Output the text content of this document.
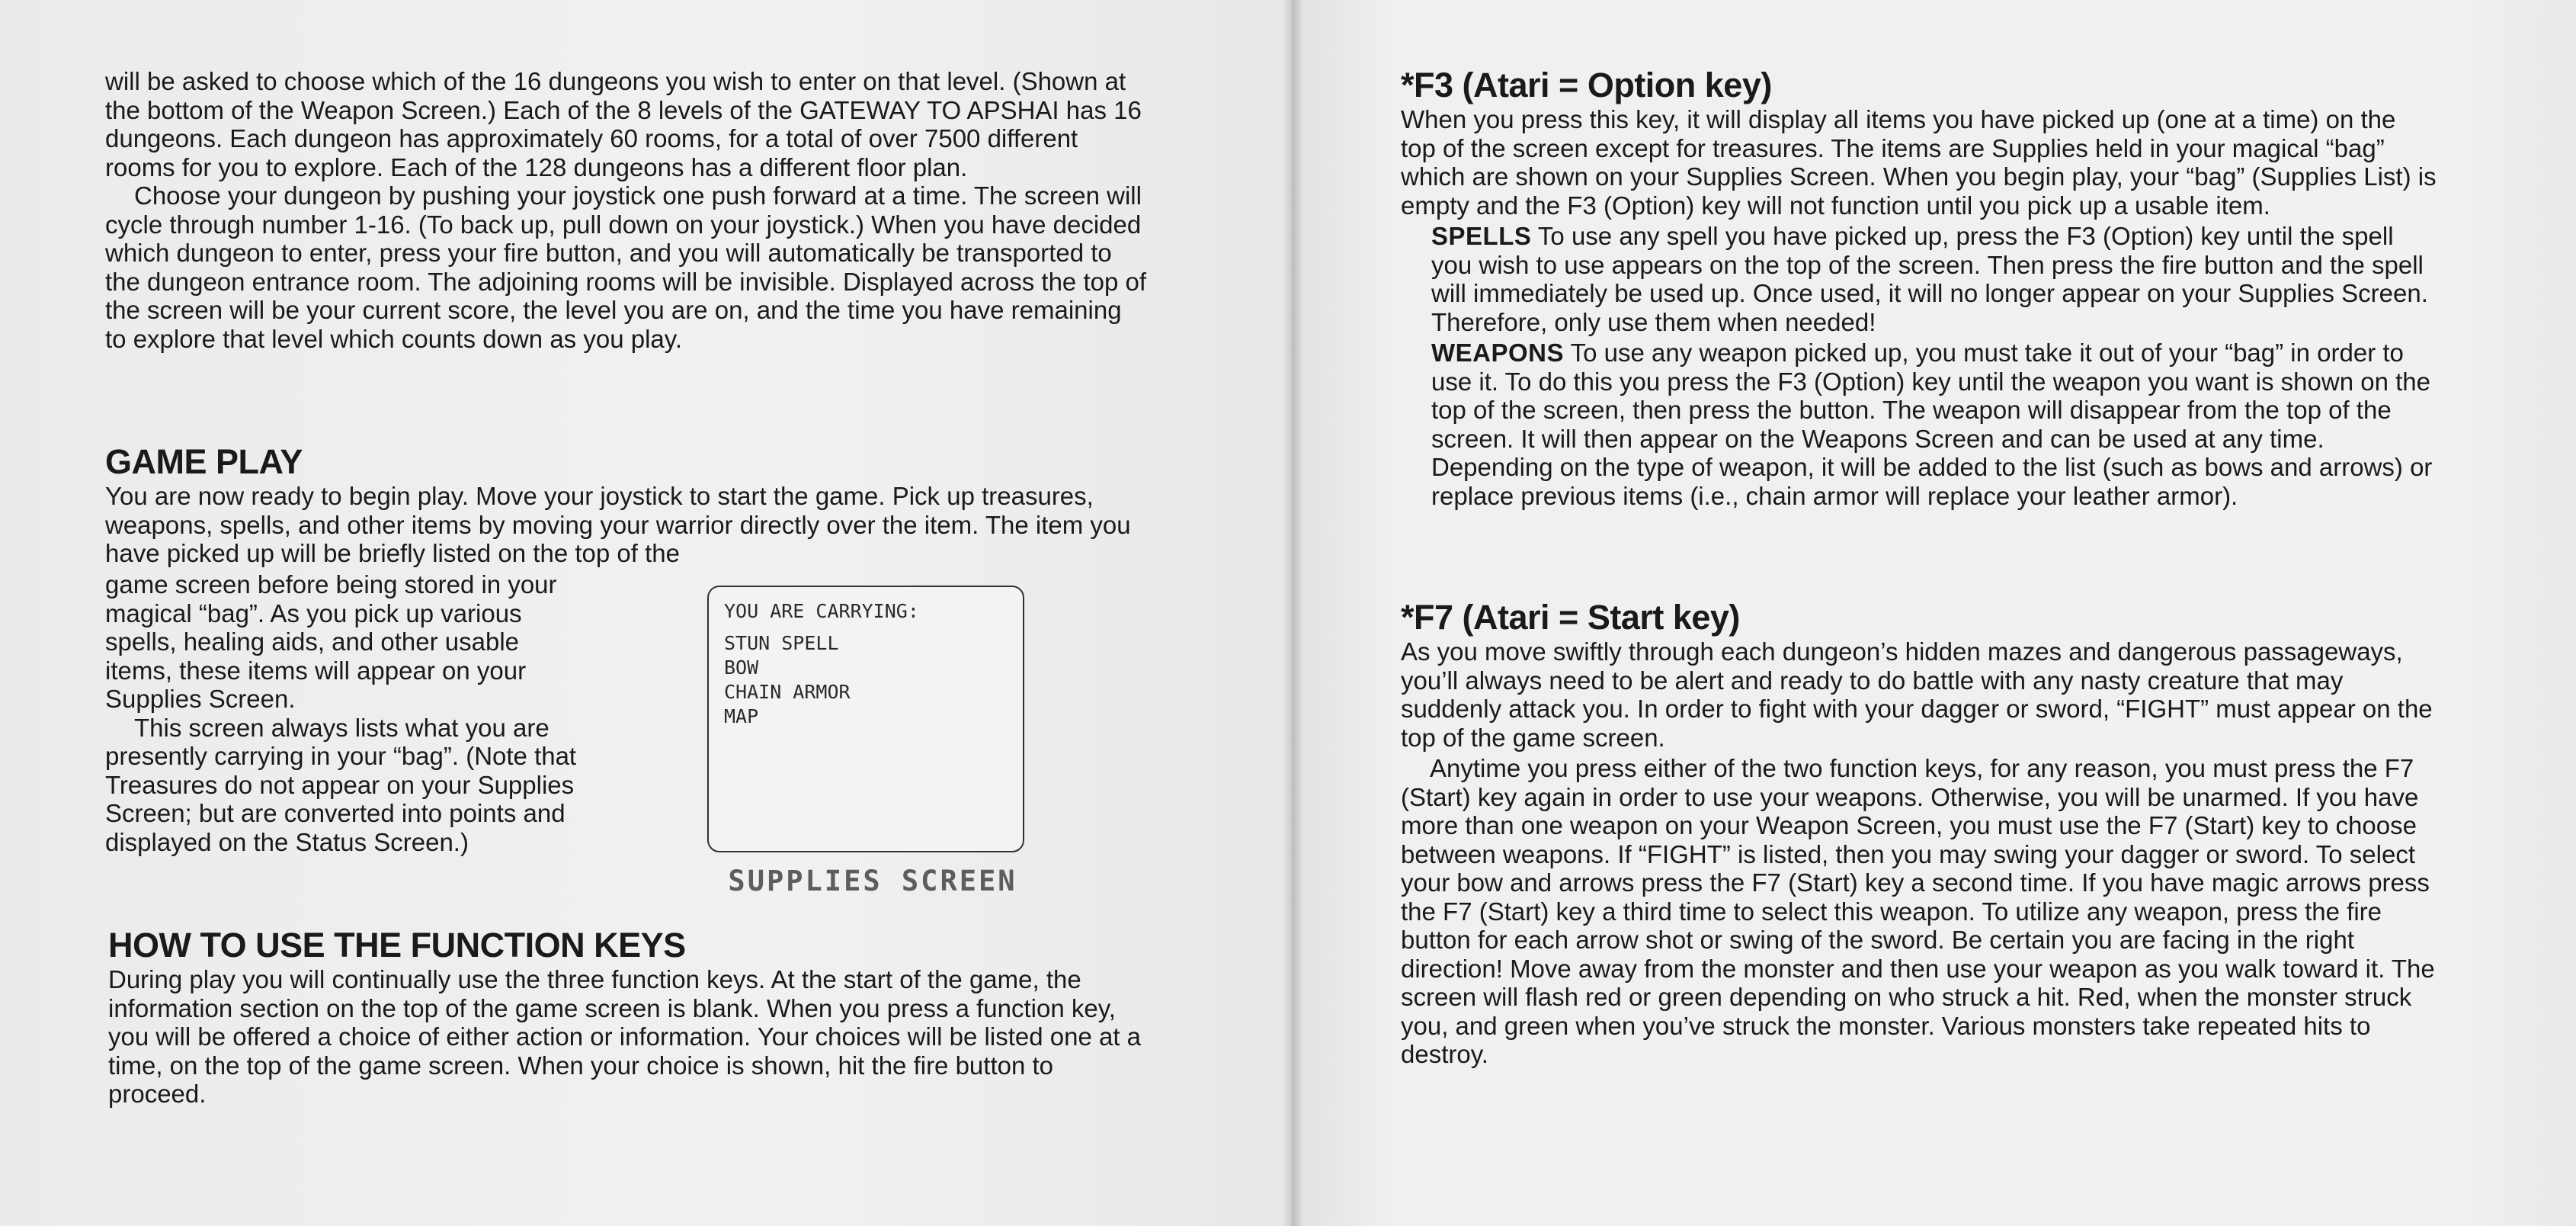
will be asked to choose which of the 16 dungeons you wish to enter on that level. (Shown at the bottom of the Weapon Screen.) Each of the 8 levels of the GATEWAY TO APSHAI has 16 dungeons. Each dungeon has approximately 60 rooms, for a total of over 7500 different rooms for you to explore. Each of the 128 dungeons has a different floor plan.

Choose your dungeon by pushing your joystick one push forward at a time. The screen will cycle through number 1-16. (To back up, pull down on your joystick.) When you have decided which dungeon to enter, press your fire button, and you will automatically be transported to the dungeon entrance room. The adjoining rooms will be invisible. Displayed across the top of the screen will be your current score, the level you are on, and the time you have remaining to explore that level which counts down as you play.

GAME PLAY

You are now ready to begin play. Move your joystick to start the game. Pick up treasures, weapons, spells, and other items by moving your warrior directly over the item. The item you have picked up will be briefly listed on the top of the

game screen before being stored in your magical “bag”. As you pick up various spells, healing aids, and other usable items, these items will appear on your Supplies Screen.

This screen always lists what you are presently carrying in your “bag”. (Note that Treasures do not appear on your Supplies Screen; but are converted into points and displayed on the Status Screen.)

YOU ARE CARRYING:
STUN SPELL
BOW
CHAIN ARMOR
MAP
SUPPLIES SCREEN
HOW TO USE THE FUNCTION KEYS

During play you will continually use the three function keys. At the start of the game, the information section on the top of the game screen is blank. When you press a function key, you will be offered a choice of either action or information. Your choices will be listed one at a time, on the top of the game screen. When your choice is shown, hit the fire button to proceed.

*F3 (Atari = Option key)

When you press this key, it will display all items you have picked up (one at a time) on the top of the screen except for treasures. The items are Supplies held in your magical “bag” which are shown on your Supplies Screen. When you begin play, your “bag” (Supplies List) is empty and the F3 (Option) key will not function until you pick up a usable item.

SPELLS To use any spell you have picked up, press the F3 (Option) key until the spell you wish to use appears on the top of the screen. Then press the fire button and the spell will immediately be used up. Once used, it will no longer appear on your Supplies Screen. Therefore, only use them when needed!

WEAPONS To use any weapon picked up, you must take it out of your “bag” in order to use it. To do this you press the F3 (Option) key until the weapon you want is shown on the top of the screen, then press the button. The weapon will disappear from the top of the screen. It will then appear on the Weapons Screen and can be used at any time. Depending on the type of weapon, it will be added to the list (such as bows and arrows) or replace previous items (i.e., chain armor will replace your leather armor).

*F7 (Atari = Start key)

As you move swiftly through each dungeon’s hidden mazes and dangerous passageways, you’ll always need to be alert and ready to do battle with any nasty creature that may suddenly attack you. In order to fight with your dagger or sword, “FIGHT” must appear on the top of the game screen.

Anytime you press either of the two function keys, for any reason, you must press the F7 (Start) key again in order to use your weapons. Otherwise, you will be unarmed. If you have more than one weapon on your Weapon Screen, you must use the F7 (Start) key to choose between weapons. If “FIGHT” is listed, then you may swing your dagger or sword. To select your bow and arrows press the F7 (Start) key a second time. If you have magic arrows press the F7 (Start) key a third time to select this weapon. To utilize any weapon, press the fire button for each arrow shot or swing of the sword. Be certain you are facing in the right direction! Move away from the monster and then use your weapon as you walk toward it. The screen will flash red or green depending on who struck a hit. Red, when the monster struck you, and green when you’ve struck the monster. Various monsters take repeated hits to destroy.
